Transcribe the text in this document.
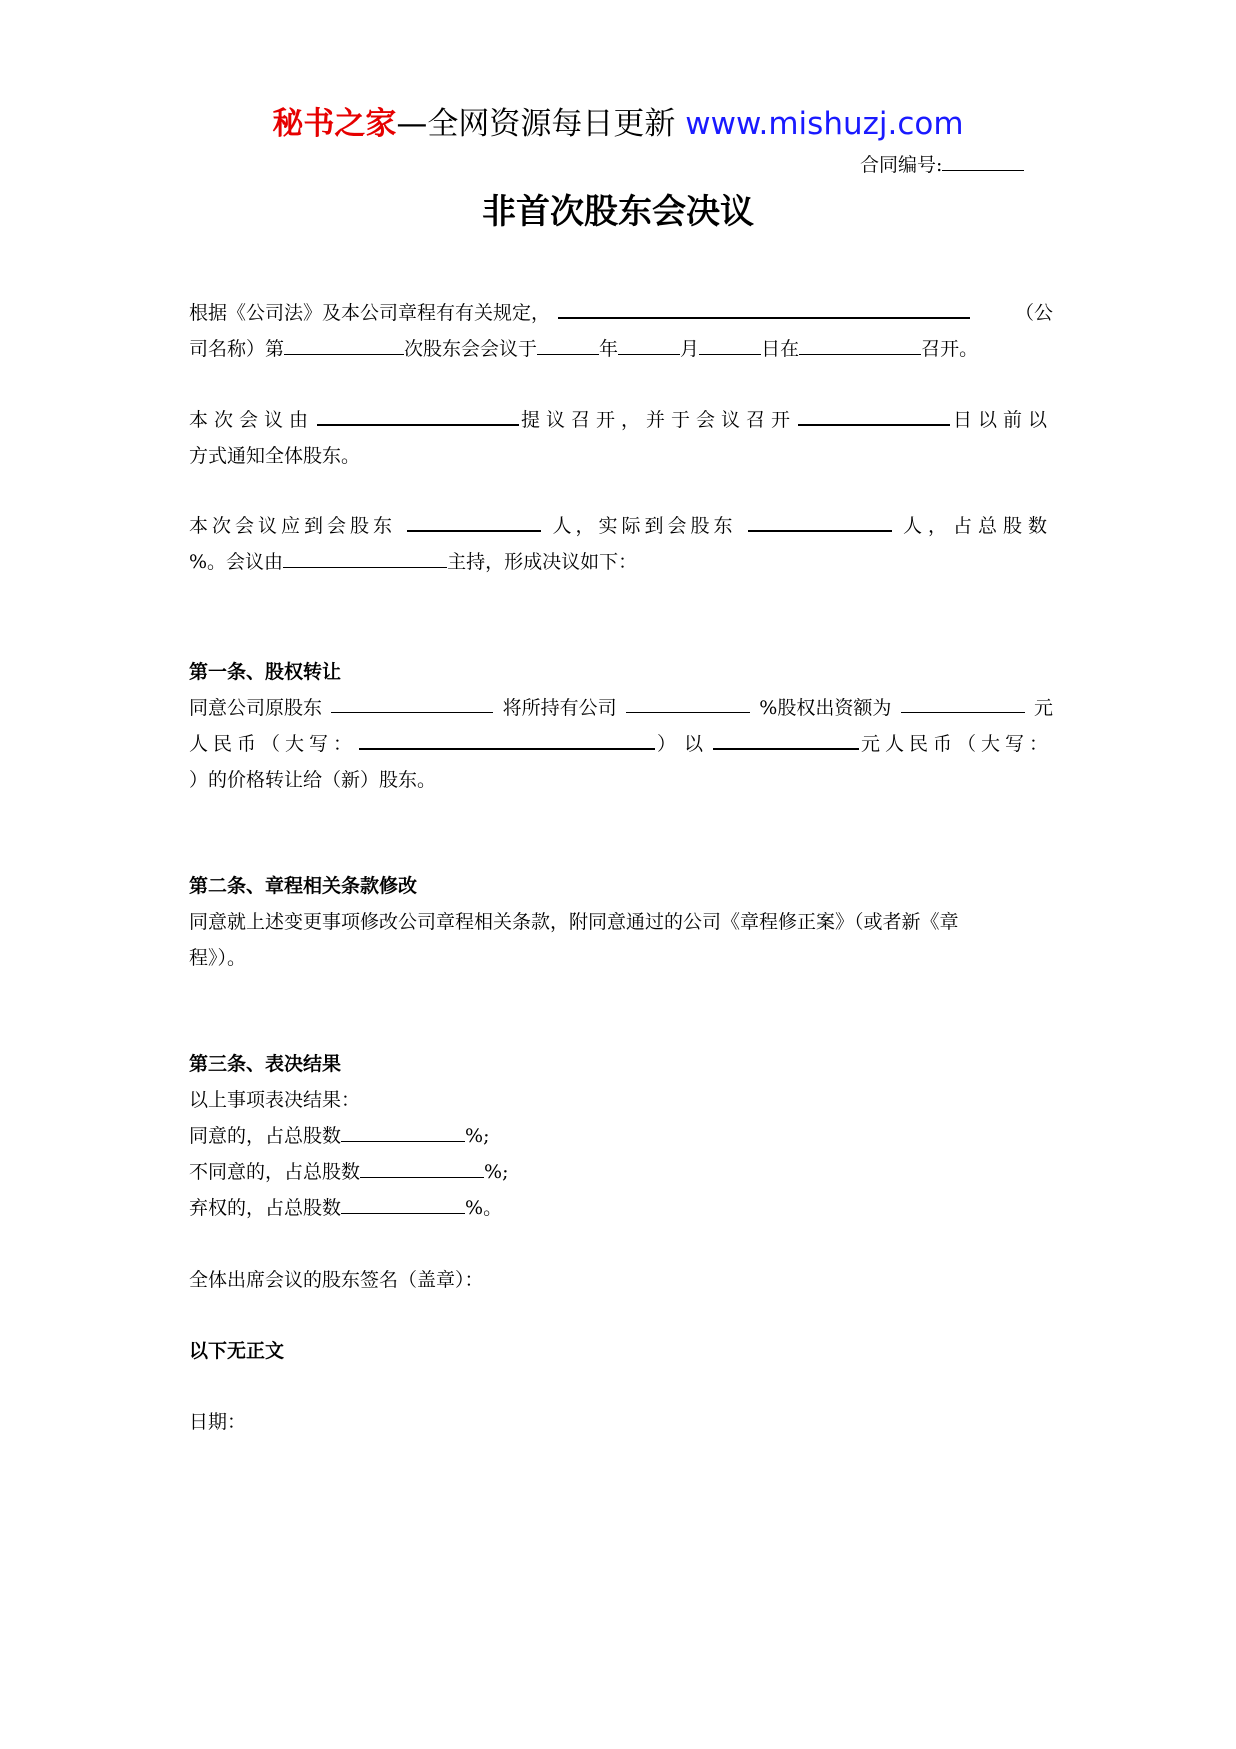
秘书之家—全网资源每日更新 www.mishuzj.com
合同编号:
非首次股东会决议
根据《公司法》及本公司章程有有关规定，	（公
司名称）第	次股东会会议于	年	月	日在	召开。
本次会议由	提议召开，并于会议召开	日以前以
方式通知全体股东。
本次会议应到会股东	人，实际到会股东	人，占总股数
%。会议由	主持，形成决议如下：
第一条、股权转让
同意公司原股东	将所持有公司	%股权出资额为	元
人民币（大写：	）以	元人民币（大写：
）的价格转让给（新）股东。
第二条、章程相关条款修改
同意就上述变更事项修改公司章程相关条款，附同意通过的公司《章程修正案》（或者新《章
程》）。
第三条、表决结果
以上事项表决结果：
同意的，占总股数	%;
不同意的，占总股数	%;
弃权的，占总股数	%。
全体出席会议的股东签名（盖章）：
以下无正文
日期：
